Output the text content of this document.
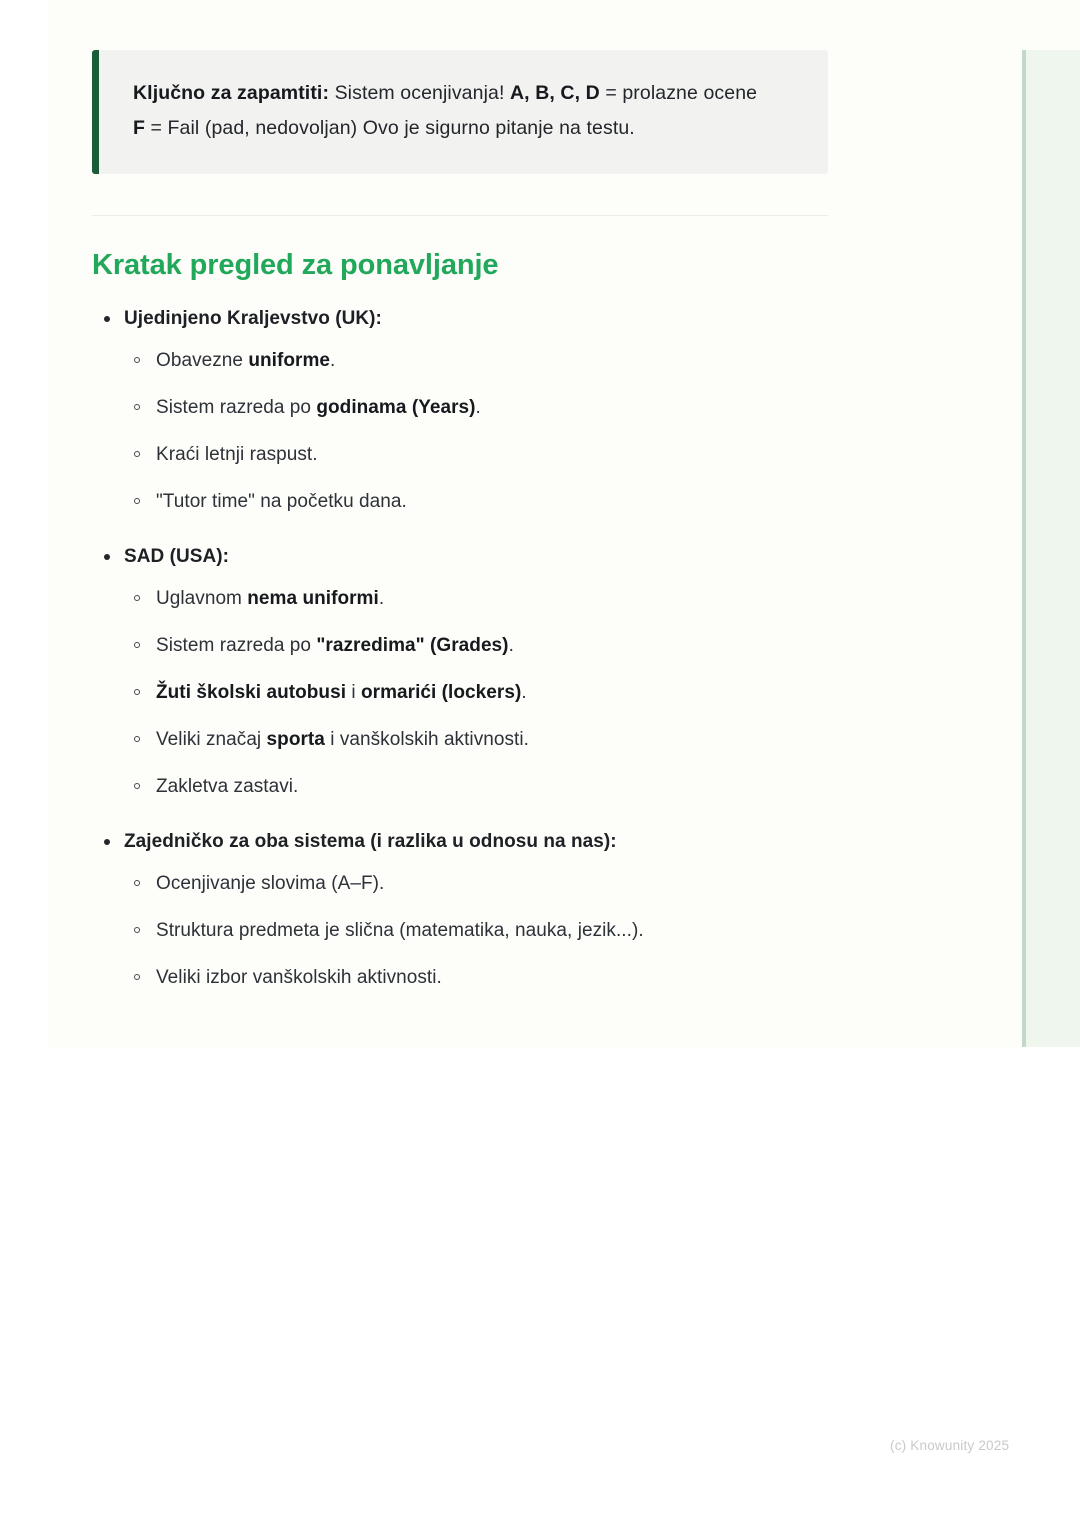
Ključno za zapamtiti: Sistem ocenjivanja! A, B, C, D = prolazne ocene
F = Fail (pad, nedovoljan) Ovo je sigurno pitanje na testu.

Kratak pregled za ponavljanje
Ujedinjeno Kraljevstvo (UK):
Obavezne uniforme.
Sistem razreda po godinama (Years).
Kraći letnji raspust.
"Tutor time" na početku dana.
SAD (USA):
Uglavnom nema uniformi.
Sistem razreda po "razredima" (Grades).
Žuti školski autobusi i ormarići (lockers).
Veliki značaj sporta i vanškolskih aktivnosti.
Zakletva zastavi.
Zajedničko za oba sistema (i razlika u odnosu na nas):
Ocenjivanje slovima (A–F).
Struktura predmeta je slična (matematika, nauka, jezik...).
Veliki izbor vanškolskih aktivnosti.
(c) Knowunity 2025
